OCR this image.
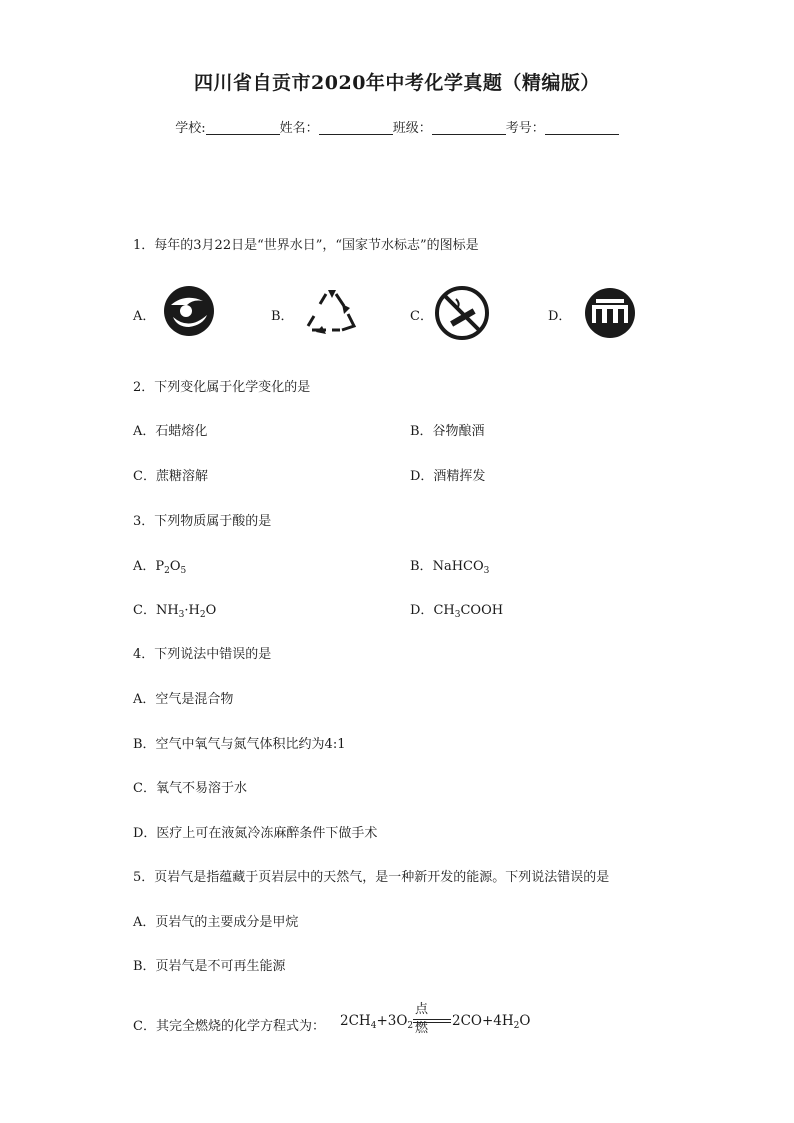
四川省自贡市2020年中考化学真题（精编版）
学校:	姓名：	班级：	考号：
1．每年的3月22日是“世界水日”，“国家节水标志”的图标是
A．	B．	C．	D．
2．下列变化属于化学变化的是
A．石蜡熔化	B．谷物酿酒
C．蔗糖溶解	D．酒精挥发
3．下列物质属于酸的是
A．$P_2O_5$	B．NaHCO$_3$
C．$NH_3\cdot H_2O$	D．$CH_3COOH$
4．下列说法中错误的是
A．空气是混合物
B．空气中氧气与氮气体积比约为4:1
C．氧气不易溶于水
D．医疗上可在液氮冷冻麻醉条件下做手术
5．页岩气是指蕴藏于页岩层中的天然气，是一种新开发的能源。下列说法错误的是
A．页岩气的主要成分是甲烷
B．页岩气是不可再生能源
C．其完全燃烧的化学方程式为： $2CH_4+3O_2$
点燃 $2CO+4H_2O$
